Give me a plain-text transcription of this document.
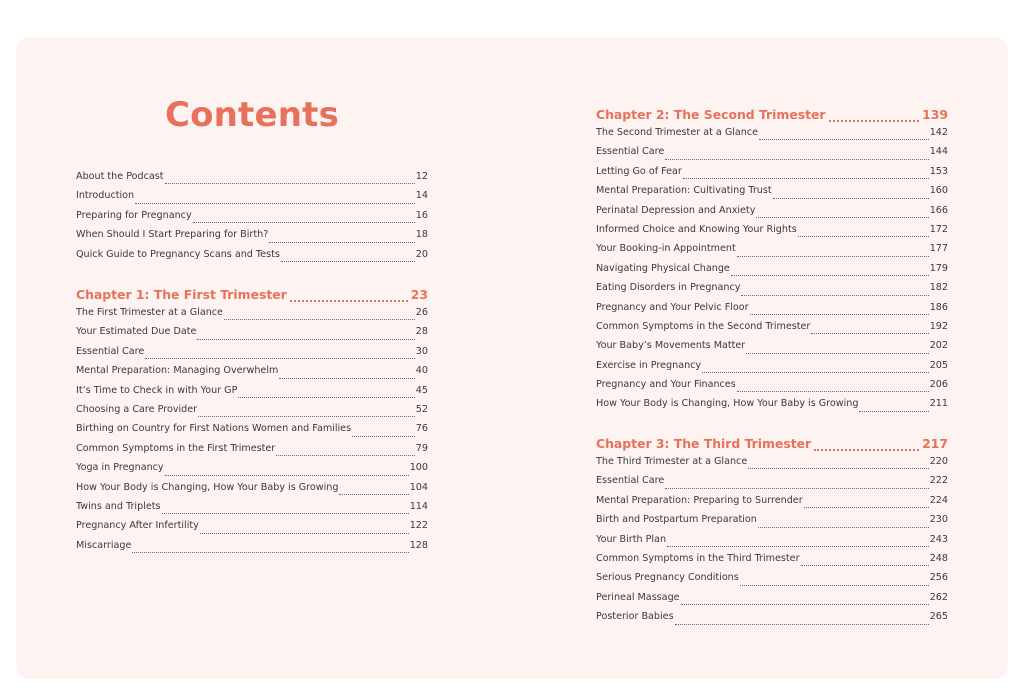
Contents
About the Podcast	12
Introduction	14
Preparing for Pregnancy	16
When Should I Start Preparing for Birth?	18
Quick Guide to Pregnancy Scans and Tests	20
Chapter 1: The First Trimester	23
The First Trimester at a Glance	26
Your Estimated Due Date	28
Essential Care	30
Mental Preparation: Managing Overwhelm	40
It’s Time to Check in with Your GP	45
Choosing a Care Provider	52
Birthing on Country for First Nations Women and Families	76
Common Symptoms in the First Trimester	79
Yoga in Pregnancy	100
How Your Body is Changing, How Your Baby is Growing	104
Twins and Triplets	114
Pregnancy After Infertility	122
Miscarriage	128
Chapter 2: The Second Trimester	139
The Second Trimester at a Glance	142
Essential Care	144
Letting Go of Fear	153
Mental Preparation: Cultivating Trust	160
Perinatal Depression and Anxiety	166
Informed Choice and Knowing Your Rights	172
Your Booking-in Appointment	177
Navigating Physical Change	179
Eating Disorders in Pregnancy	182
Pregnancy and Your Pelvic Floor	186
Common Symptoms in the Second Trimester	192
Your Baby’s Movements Matter	202
Exercise in Pregnancy	205
Pregnancy and Your Finances	206
How Your Body is Changing, How Your Baby is Growing	211
Chapter 3: The Third Trimester	217
The Third Trimester at a Glance	220
Essential Care	222
Mental Preparation: Preparing to Surrender	224
Birth and Postpartum Preparation	230
Your Birth Plan	243
Common Symptoms in the Third Trimester	248
Serious Pregnancy Conditions	256
Perineal Massage	262
Posterior Babies	265
